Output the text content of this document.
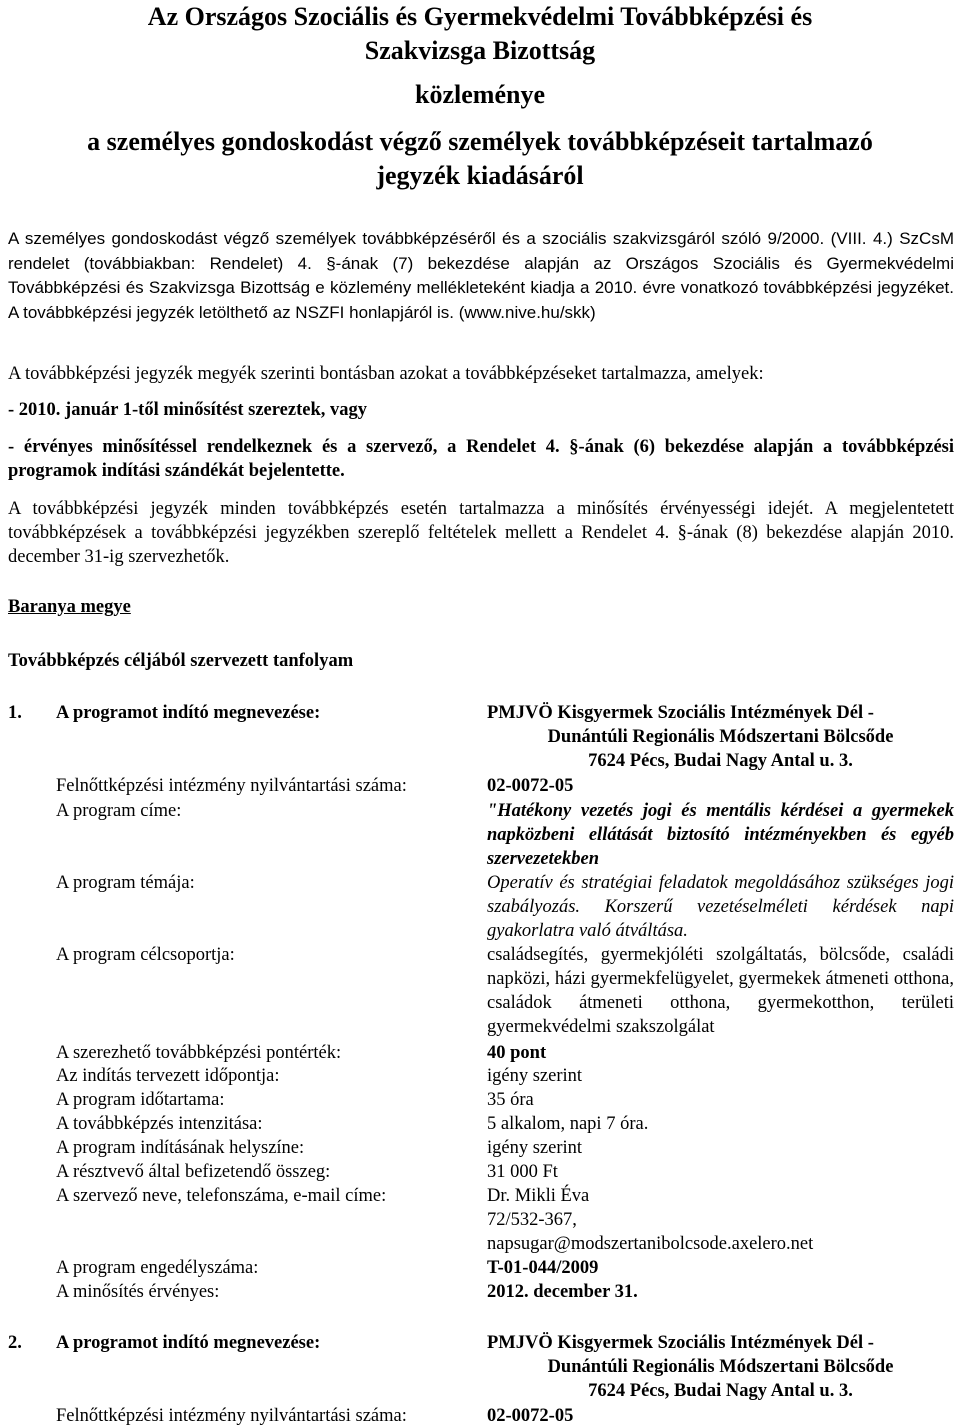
Az Országos Szociális és Gyermekvédelmi Továbbképzési és

Szakvizsga Bizottság

közleménye

a személyes gondoskodást végző személyek továbbképzéseit tartalmazó

jegyzék kiadásáról

A személyes gondoskodást végző személyek továbbképzéséről és a szociális szakvizsgáról szóló 9/2000. (VIII. 4.) SzCsM rendelet (továbbiakban: Rendelet) 4. §-ának (7) bekezdése alapján az Országos Szociális és Gyermekvédelmi Továbbképzési és Szakvizsga Bizottság e közlemény mellékleteként kiadja a 2010. évre vonatkozó továbbképzési jegyzéket. A továbbképzési jegyzék letölthető az NSZFI honlapjáról is. (www.nive.hu/skk)
A továbbképzési jegyzék megyék szerinti bontásban azokat a továbbképzéseket tartalmazza, amelyek:
- 2010. január 1-től minősítést szereztek, vagy
- érvényes minősítéssel rendelkeznek és a szervező, a Rendelet 4. §-ának (6) bekezdése alapján a továbbképzési programok indítási szándékát bejelentette.
A továbbképzési jegyzék minden továbbképzés esetén tartalmazza a minősítés érvényességi idejét. A megjelentetett továbbképzések a továbbképzési jegyzékben szereplő feltételek mellett a Rendelet 4. §-ának (8) bekezdése alapján 2010. december 31-ig szervezhetők.
Baranya megye
Továbbképzés céljából szervezett tanfolyam
1. A programot indító megnevezése:	PMJVÖ Kisgyermek Szociális Intézmények Dél -
Dunántúli Regionális Módszertani Bölcsőde
7624 Pécs, Budai Nagy Antal u. 3.
Felnőttképzési intézmény nyilvántartási száma:	02-0072-05
A program címe:	"Hatékony vezetés jogi és mentális kérdései a gyermekek napközbeni ellátását biztosító intézményekben és egyéb szervezetekben
A program témája:	Operatív és stratégiai feladatok megoldásához szükséges jogi szabályozás. Korszerű vezetéselméleti kérdések napi gyakorlatra való átváltása.
A program célcsoportja:	családsegítés, gyermekjóléti szolgáltatás, bölcsőde, családi napközi, házi gyermekfelügyelet, gyermekek átmeneti otthona, családok átmeneti otthona, gyermekotthon, területi gyermekvédelmi szakszolgálat
A szerezhető továbbképzési pontérték:	40 pont
Az indítás tervezett időpontja:	igény szerint
A program időtartama:	35 óra
A továbbképzés intenzitása:	5 alkalom, napi 7 óra.
A program indításának helyszíne:	igény szerint
A résztvevő által befizetendő összeg:	31 000 Ft
A szervező neve, telefonszáma, e-mail címe:	Dr. Mikli Éva
72/532-367,
napsugar@modszertanibolcsode.axelero.net
A program engedélyszáma:	T-01-044/2009
A minősítés érvényes:	2012. december 31.
2. A programot indító megnevezése:	PMJVÖ Kisgyermek Szociális Intézmények Dél -
Dunántúli Regionális Módszertani Bölcsőde
7624 Pécs, Budai Nagy Antal u. 3.
Felnőttképzési intézmény nyilvántartási száma:	02-0072-05
